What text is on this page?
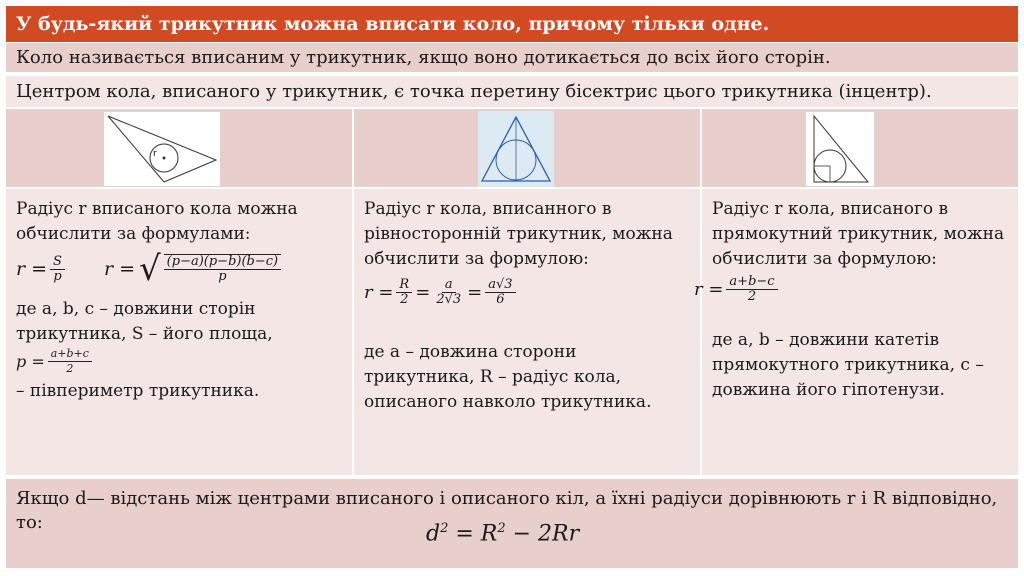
У будь-який трикутник можна вписати коло, причому тільки одне.
Коло називається вписаним у трикутник, якщо воно дотикається до всіх його сторін.
Центром кола, вписаного у трикутник, є точка перетину бісектрис цього трикутника (інцентр).
r
Радіус r вписаного кола можна обчислити за формулами:
$r = \frac{S}{p}$ r = √ $\frac{(p-a)(p-b)(b-c)}{p}$
де a, b, c – довжини сторін трикутника, S – його площа,
$p = \frac{a+b+c}{2}$
– півпериметр трикутника.
Радіус r кола, вписанного в рівносторонній трикутник, можна обчислити за формулою:
$r = \frac{R}{2} = \frac{a}{2√3} = \frac{a√3}{6}$
де a – довжина сторони трикутника, R – радіус кола, описаного навколо трикутника.
Радіус r кола, вписаного в прямокутний трикутник, можна обчислити за формулою:
$r = \frac{a+b-c}{2}$
де a, b – довжини катетів прямокутного трикутника, c – довжина його гіпотенузи.
Якщо d— відстань між центрами вписаного і описаного кіл, а їхні радіуси дорівнюють r і R відповідно, то:	$d^2 = R^2 - 2Rr$
